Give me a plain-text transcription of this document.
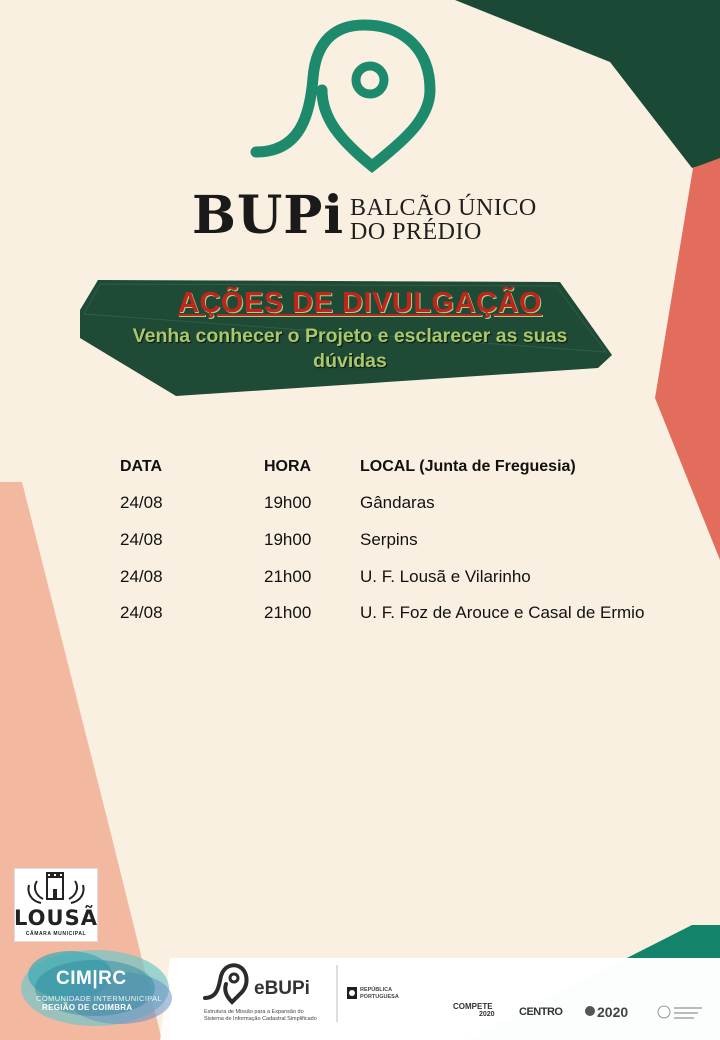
BUPi BALCÃO ÚNICO
DO PRÉDIO
AÇÕES DE DIVULGAÇÃO
Venha conhecer o Projeto e esclarecer as suas
dúvidas
DATA	HORA	LOCAL (Junta de Freguesia)
24/08	19h00	Gândaras
24/08	19h00	Serpins
24/08	21h00	U. F. Lousã e Vilarinho
24/08	21h00	U. F. Foz de Arouce e Casal de Ermio
LOUSÃ
CÂMARA MUNICIPAL
CIM|RC
COMUNIDADE INTERMUNICIPAL
REGIÃO DE COIMBRA
eBUPi
Estrutura de Missão para a Expansão do
Sistema de Informação Cadastral Simplificado
REPÚBLICA
PORTUGUESA
COMPETE
2020 CENTRO 2020
